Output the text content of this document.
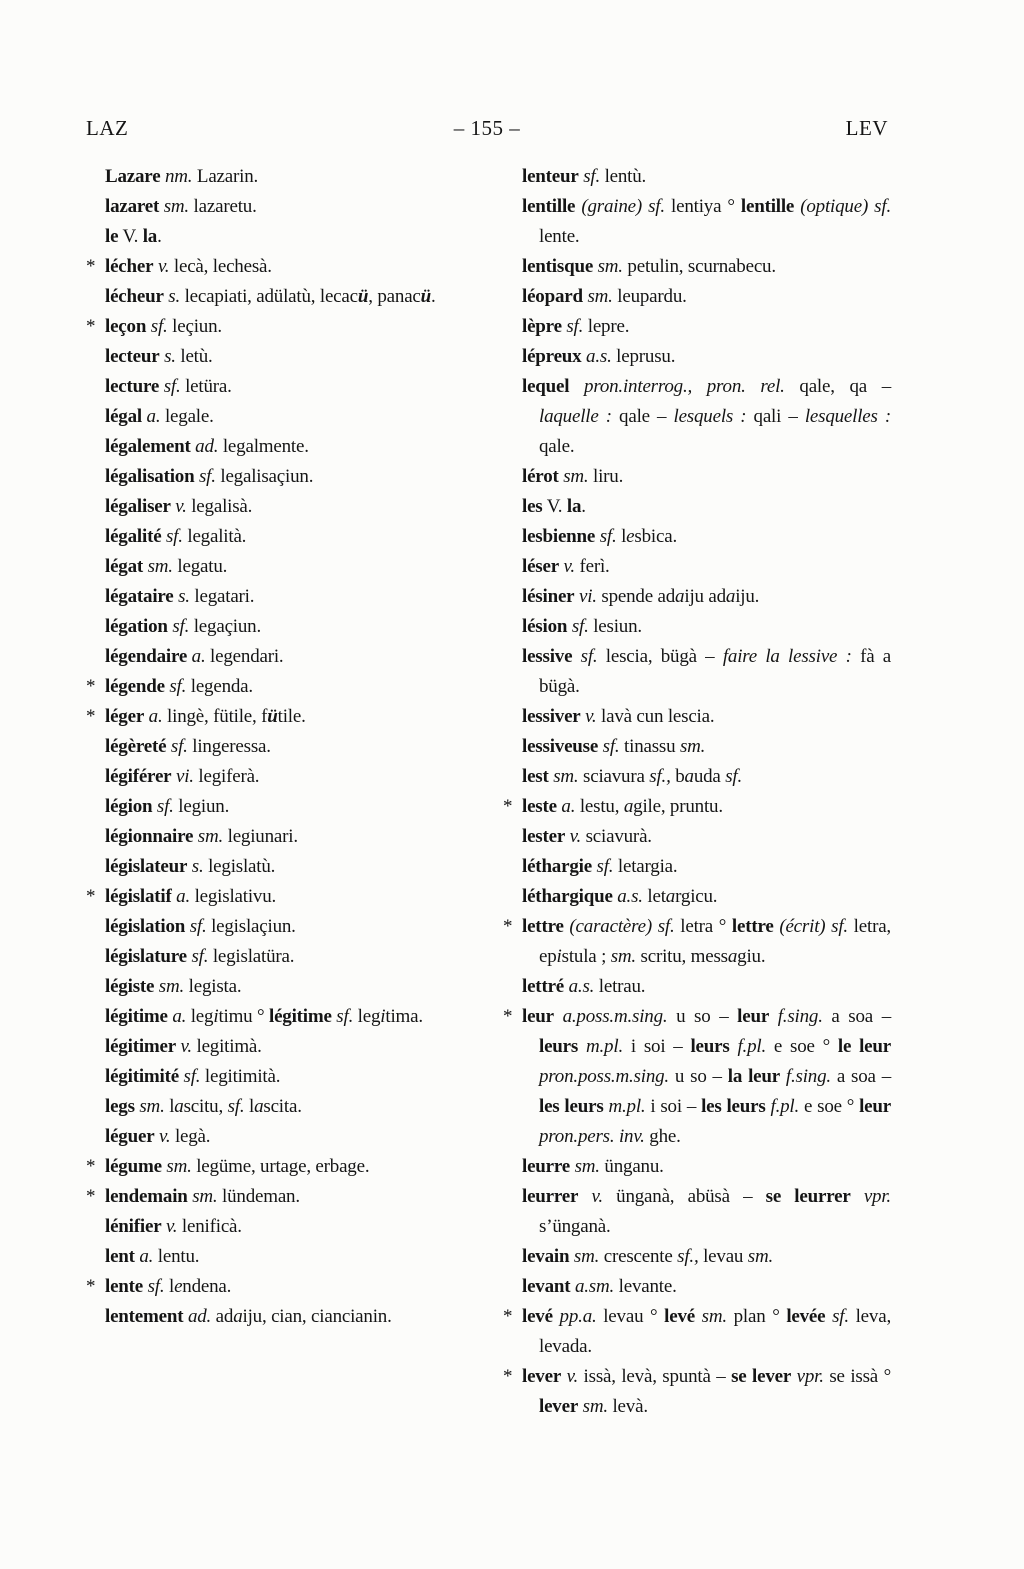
LAZ	– 155 –	LEV

Lazare nm. Lazarin.

lazaret sm. lazaretu.

le V. la.

* lécher v. lecà, lechesà.

lécheur s. lecapiati, adülatù, lecacü, panacü.

* leçon sf. leçiun.

lecteur s. letù.

lecture sf. letüra.

légal a. legale.

légalement ad. legalmente.

légalisation sf. legalisaçiun.

légaliser v. legalisà.

légalité sf. legalità.

légat sm. legatu.

légataire s. legatari.

légation sf. legaçiun.

légendaire a. legendari.

* légende sf. legenda.

* léger a. lingè, fütile, fütile.

légèreté sf. lingeressa.

légiférer vi. legiferà.

légion sf. legiun.

légionnaire sm. legiunari.

législateur s. legislatù.

* législatif a. legislativu.

législation sf. legislaçiun.

législature sf. legislatüra.

légiste sm. legista.

légitime a. legitimu ° légitime sf. legitima.

légitimer v. legitimà.

légitimité sf. legitimità.

legs sm. lascitu, sf. lascita.

léguer v. legà.

* légume sm. legüme, urtage, erbage.

* lendemain sm. lündeman.

lénifier v. lenificà.

lent a. lentu.

* lente sf. lendena.

lentement ad. adaiju, cian, ciancianin.

lenteur sf. lentù.

lentille (graine) sf. lentiya ° lentille (optique) sf. lente.

lentisque sm. petulin, scurnabecu.

léopard sm. leupardu.

lèpre sf. lepre.

lépreux a.s. leprusu.

lequel pron.interrog., pron. rel. qale, qa – laquelle : qale – lesquels : qali – lesquelles : qale.

lérot sm. liru.

les V. la.

lesbienne sf. lesbica.

léser v. ferì.

lésiner vi. spende adaiju adaiju.

lésion sf. lesiun.

lessive sf. lescia, bügà – faire la lessive : fà a bügà.

lessiver v. lavà cun lescia.

lessiveuse sf. tinassu sm.

lest sm. sciavura sf., bauda sf.

* leste a. lestu, agile, pruntu.

lester v. sciavurà.

léthargie sf. letargia.

léthargique a.s. letargicu.

* lettre (caractère) sf. letra ° lettre (écrit) sf. letra, epistula ; sm. scritu, messagiu.

lettré a.s. letrau.

* leur a.poss.m.sing. u so – leur f.sing. a soa – leurs m.pl. i soi – leurs f.pl. e soe ° le leur pron.poss.m.sing. u so – la leur f.sing. a soa – les leurs m.pl. i soi – les leurs f.pl. e soe ° leur pron.pers. inv. ghe.

leurre sm. ünganu.

leurrer v. ünganà, abüsà – se leurrer vpr. s’ünganà.

levain sm. crescente sf., levau sm.

levant a.sm. levante.

* levé pp.a. levau ° levé sm. plan ° levée sf. leva, levada.

* lever v. issà, levà, spuntà – se lever vpr. se issà ° lever sm. levà.
